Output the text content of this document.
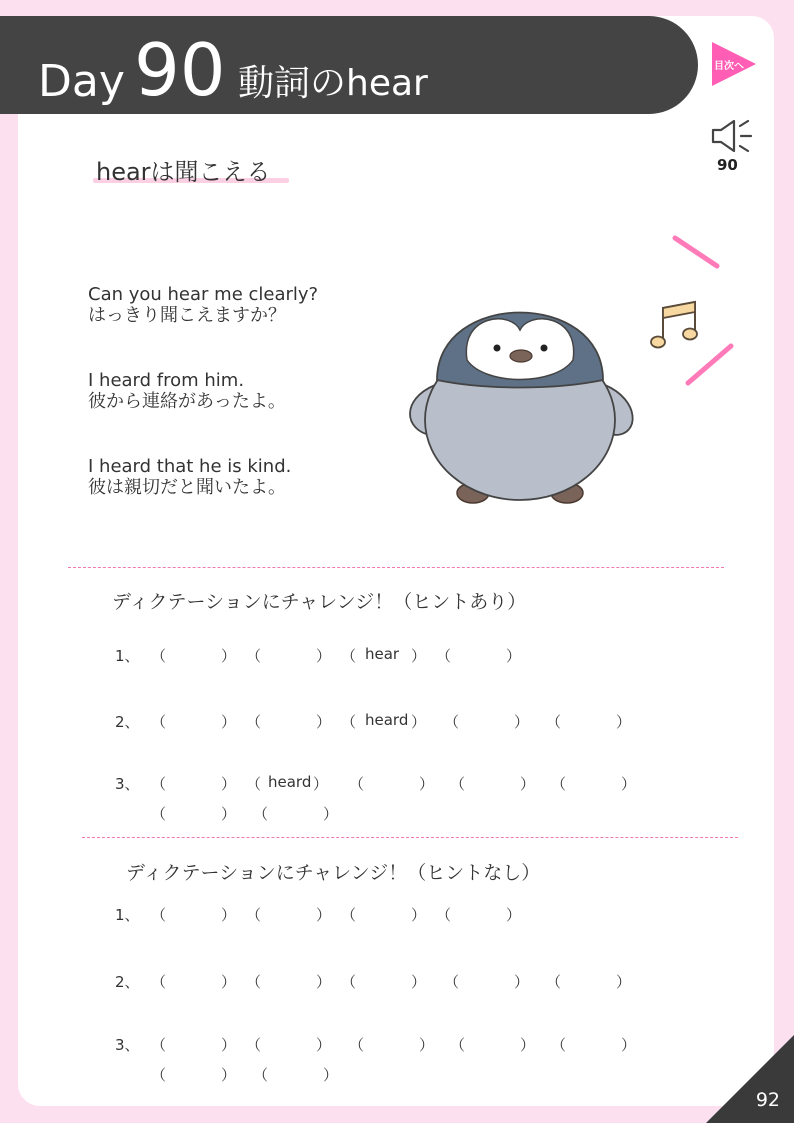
Day 90 動詞のhear	目次へ
90
hearは聞こえる
Can you hear me clearly?
はっきり聞こえますか？
I heard from him.
彼から連絡があったよ。
I heard that he is kind.
彼は親切だと聞いたよ。
ディクテーションにチャレンジ！（ヒントあり）
1、 （	） （	） （ hear ） （	）
2、 （	） （	） （ heard ） （	） （	）
3、 （	） （ heard ） （	） （	） （	）
（	） （	）
ディクテーションにチャレンジ！（ヒントなし）
1、 （	） （	） （	） （	）
2、 （	） （	） （	） （	） （	）
3、 （	） （	） （	） （	） （	）
（	） （	）
92
